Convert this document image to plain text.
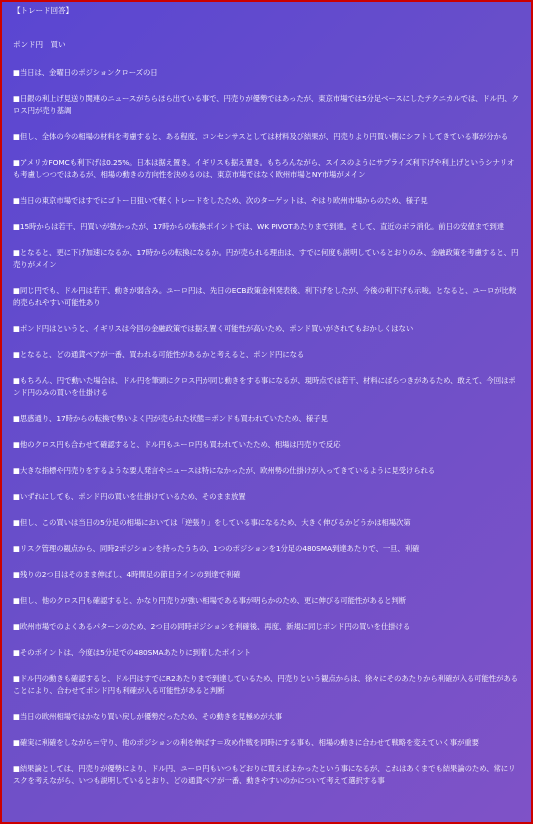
【トレード回答】
ポンド円　買い
■当日は、金曜日のポジションクローズの日
■日銀の利上げ見送り関連のニュースがちらほら出ている事で、円売りが優勢ではあったが、東京市場では5分足ベースにしたテクニカルでは、ドル円、クロス円が売り基調
■但し、全体の今の相場の材料を考慮すると、ある程度、コンセンサスとしては材料及び結果が、円売りより円買い側にシフトしてきている事が分かる
■アメリカFOMCも利下げは0.25%。日本は据え置き。イギリスも据え置き。もちろんながら、スイスのようにサプライズ利下げや利上げというシナリオも考慮しつつではあるが、相場の動きの方向性を決めるのは、東京市場ではなく欧州市場とNY市場がメイン
■当日の東京市場ではすでにゴトー日狙いで軽くトレードをしたため、次のターゲットは、やはり欧州市場からのため、様子見
■15時からは若干、円買いが強かったが、17時からの転換ポイントでは、WK PIVOTあたりまで到達。そして、直近のボラ消化。前日の安値まで到達
■となると、更に下げ加速になるか、17時からの転換になるか。円が売られる理由は、すでに何度も説明しているとおりのみ、金融政策を考慮すると、円売りがメイン
■同じ円でも、ドル円は若干、動きが弱含み。ユーロ円は、先日のECB政策金利発表後、利下げをしたが、今後の利下げも示唆。となると、ユーロが比較的売られやすい可能性あり
■ポンド円はというと、イギリスは今回の金融政策では据え置く可能性が高いため、ポンド買いがされてもおかしくはない
■となると、どの通貨ペアが一番、買われる可能性があるかと考えると、ポンド円になる
■もちろん、円で動いた場合は、ドル円を筆頭にクロス円が同じ動きをする事になるが、現時点では若干、材料にばらつきがあるため、敢えて、今回はポンド円のみの買いを仕掛ける
■思惑通り、17時からの転換で勢いよく円が売られた状態＝ポンドも買われていたため、様子見
■他のクロス円も合わせて確認すると、ドル円もユーロ円も買われていたため、相場は円売りで反応
■大きな指標や円売りをするような要人発言やニュースは特になかったが、欧州勢の仕掛けが入ってきているように見受けられる
■いずれにしても、ポンド円の買いを仕掛けているため、そのまま放置
■但し、この買いは当日の5分足の相場においては「逆張り」をしている事になるため、大きく伸びるかどうかは相場次第
■リスク管理の観点から、同時2ポジションを持ったうちの、1つのポジションを1分足の480SMA到達あたりで、一旦、利確
■残りの2つ目はそのまま伸ばし、4時間足の節目ラインの到達で利確
■但し、他のクロス円も確認すると、かなり円売りが強い相場である事が明らかのため、更に伸びる可能性があると判断
■欧州市場でのよくあるパターンのため、2つ目の同時ポジションを利確後、再度、新規に同じポンド円の買いを仕掛ける
■そのポイントは、今度は5分足での480SMAあたりに到着したポイント
■ドル円の動きも確認すると、ドル円はすでにR2あたりまで到達しているため、円売りという観点からは、徐々にそのあたりから利確が入る可能性があることにより、合わせてポンド円も利確が入る可能性があると判断
■当日の欧州相場ではかなり買い戻しが優勢だったため、その動きを見極めが大事
■確実に利確をしながら＝守り、他のポジションの利を伸ばす＝攻め作戦を同時にする事も、相場の動きに合わせて戦略を変えていく事が重要
■結果論としては、円売りが優勢により、ドル円、ユーロ円もいつもどおりに買えばよかったという事になるが、これはあくまでも結果論のため、常にリスクを考えながら、いつも説明しているとおり、どの通貨ペアが一番、動きやすいのかについて考えて選択する事
